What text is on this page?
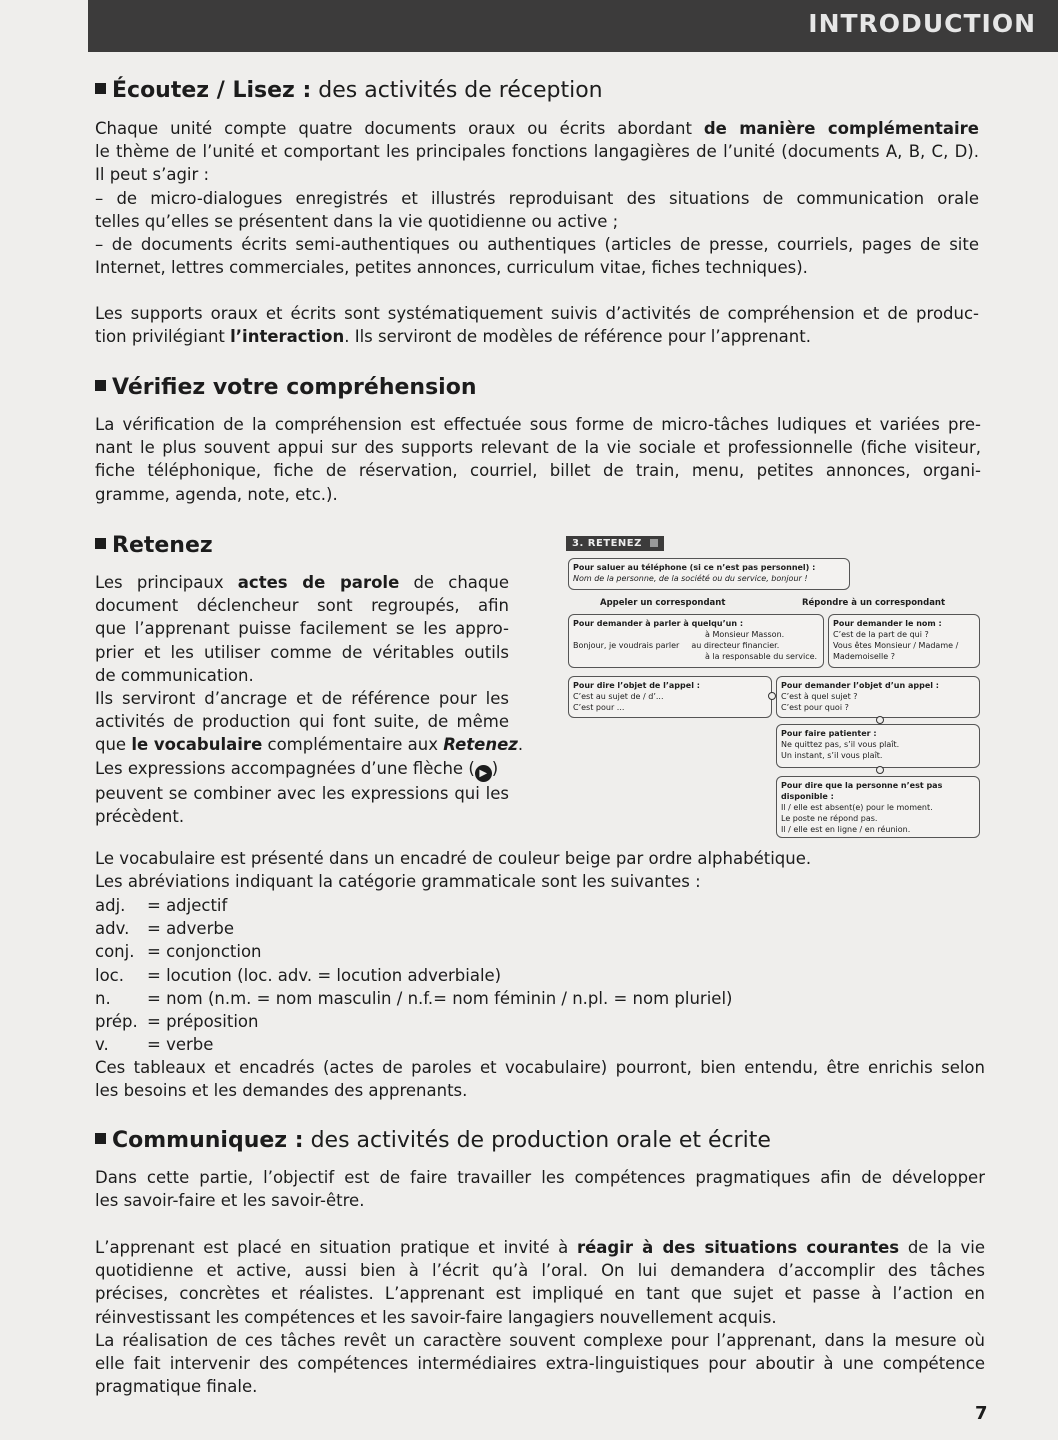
INTRODUCTION
Écoutez / Lisez : des activités de réception
Chaque unité compte quatre documents oraux ou écrits abordant de manière complémentaire
le thème de l’unité et comportant les principales fonctions langagières de l’unité (documents A, B, C, D).
Il peut s’agir :
– de micro-dialogues enregistrés et illustrés reproduisant des situations de communication orale
telles qu’elles se présentent dans la vie quotidienne ou active ;
– de documents écrits semi-authentiques ou authentiques (articles de presse, courriels, pages de site
Internet, lettres commerciales, petites annonces, curriculum vitae, fiches techniques).
Les supports oraux et écrits sont systématiquement suivis d’activités de compréhension et de produc-
tion privilégiant l’interaction. Ils serviront de modèles de référence pour l’apprenant.
Vérifiez votre compréhension
La vérification de la compréhension est effectuée sous forme de micro-tâches ludiques et variées pre-
nant le plus souvent appui sur des supports relevant de la vie sociale et professionnelle (fiche visiteur,
fiche téléphonique, fiche de réservation, courriel, billet de train, menu, petites annonces, organi-
gramme, agenda, note, etc.).
Retenez
Les principaux actes de parole de chaque
document déclencheur sont regroupés, afin
que l’apprenant puisse facilement se les appro-
prier et les utiliser comme de véritables outils
de communication.
Ils serviront d’ancrage et de référence pour les
activités de production qui font suite, de même
que le vocabulaire complémentaire aux Retenez.
Les expressions accompagnées d’une flèche ( ▶ )
peuvent se combiner avec les expressions qui les
précèdent.
Le vocabulaire est présenté dans un encadré de couleur beige par ordre alphabétique.
Les abréviations indiquant la catégorie grammaticale sont les suivantes :
adj. = adjectif
adv. = adverbe
conj. = conjonction
loc. = locution (loc. adv. = locution adverbiale)
n. = nom (n.m. = nom masculin / n.f.= nom féminin / n.pl. = nom pluriel)
prép. = préposition
v. = verbe
Ces tableaux et encadrés (actes de paroles et vocabulaire) pourront, bien entendu, être enrichis selon
les besoins et les demandes des apprenants.
Communiquez : des activités de production orale et écrite
Dans cette partie, l’objectif est de faire travailler les compétences pragmatiques afin de développer
les savoir-faire et les savoir-être.
L’apprenant est placé en situation pratique et invité à réagir à des situations courantes de la vie
quotidienne et active, aussi bien à l’écrit qu’à l’oral. On lui demandera d’accomplir des tâches
précises, concrètes et réalistes. L’apprenant est impliqué en tant que sujet et passe à l’action en
réinvestissant les compétences et les savoir-faire langagiers nouvellement acquis.
La réalisation de ces tâches revêt un caractère souvent complexe pour l’apprenant, dans la mesure où
elle fait intervenir des compétences intermédiaires extra-linguistiques pour aboutir à une compétence
pragmatique finale.
3. RETENEZ
Pour saluer au téléphone (si ce n’est pas personnel) :
Nom de la personne, de la société ou du service, bonjour !
Appeler un correspondant	Répondre à un correspondant
Pour demander à parler à quelqu’un :
à Monsieur Masson.
Bonjour, je voudrais parler au directeur financier.
à la responsable du service.
Pour demander le nom :
C’est de la part de qui ?
Vous êtes Monsieur / Madame /
Mademoiselle ?
Pour dire l’objet de l’appel :
C’est au sujet de / d’...
C’est pour ...
Pour demander l’objet d’un appel :
C’est à quel sujet ?
C’est pour quoi ?
Pour faire patienter :
Ne quittez pas, s’il vous plaît.
Un instant, s’il vous plaît.
Pour dire que la personne n’est pas
disponible :
Il / elle est absent(e) pour le moment.
Le poste ne répond pas.
Il / elle est en ligne / en réunion.
7
